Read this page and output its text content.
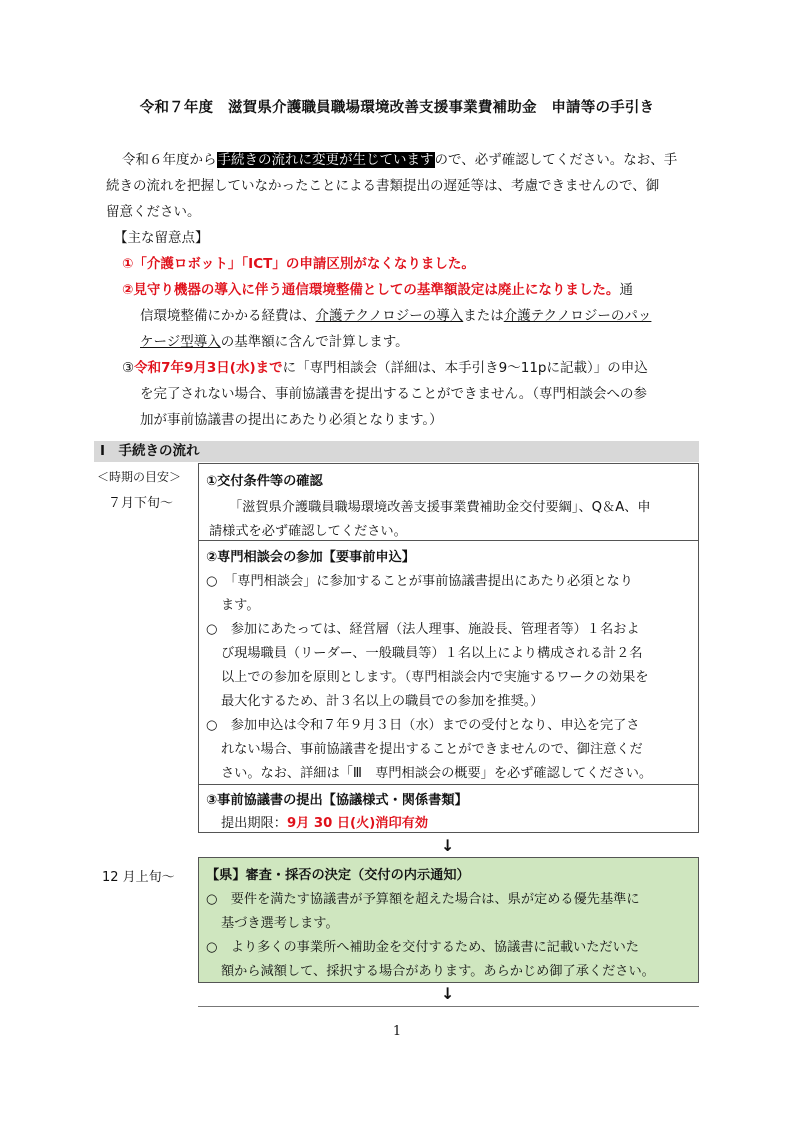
令和７年度　滋賀県介護職員職場環境改善支援事業費補助金　申請等の手引き
令和６年度から手続きの流れに変更が生じていますので、必ず確認してください。なお、手
続きの流れを把握していなかったことによる書類提出の遅延等は、考慮できませんので、御
留意ください。
【主な留意点】
①「介護ロボット」「ICT」の申請区別がなくなりました。
②見守り機器の導入に伴う通信環境整備としての基準額設定は廃止になりました。通
信環境整備にかかる経費は、介護テクノロジーの導入または介護テクノロジーのパッ
ケージ型導入の基準額に含んで計算します。
③令和7年9月3日(水)までに「専門相談会（詳細は、本手引き9～11pに記載）」の申込
を完了されない場合、事前協議書を提出することができません。（専門相談会への参
加が事前協議書の提出にあたり必須となります。）
Ⅰ　手続きの流れ
＜時期の目安＞
７月下旬～
12 月上旬～
①交付条件等の確認
「滋賀県介護職員職場環境改善支援事業費補助金交付要綱」、Q＆A、申
請様式を必ず確認してください。
②専門相談会の参加【要事前申込】
○　「専門相談会」に参加することが事前協議書提出にあたり必須となり
ます。
○　参加にあたっては、経営層（法人理事、施設長、管理者等）１名およ
び現場職員（リーダー、一般職員等）１名以上により構成される計２名
以上での参加を原則とします。（専門相談会内で実施するワークの効果を
最大化するため、計３名以上の職員での参加を推奨。）
○　参加申込は令和７年９月３日（水）までの受付となり、申込を完了さ
れない場合、事前協議書を提出することができませんので、御注意くだ
さい。なお、詳細は「Ⅲ　専門相談会の概要」を必ず確認してください。
③事前協議書の提出【協議様式・関係書類】
提出期限：9月 30 日(火)消印有効
↓
【県】審査・採否の決定（交付の内示通知）
○　要件を満たす協議書が予算額を超えた場合は、県が定める優先基準に
基づき選考します。
○　より多くの事業所へ補助金を交付するため、協議書に記載いただいた
額から減額して、採択する場合があります。あらかじめ御了承ください。
↓
1
